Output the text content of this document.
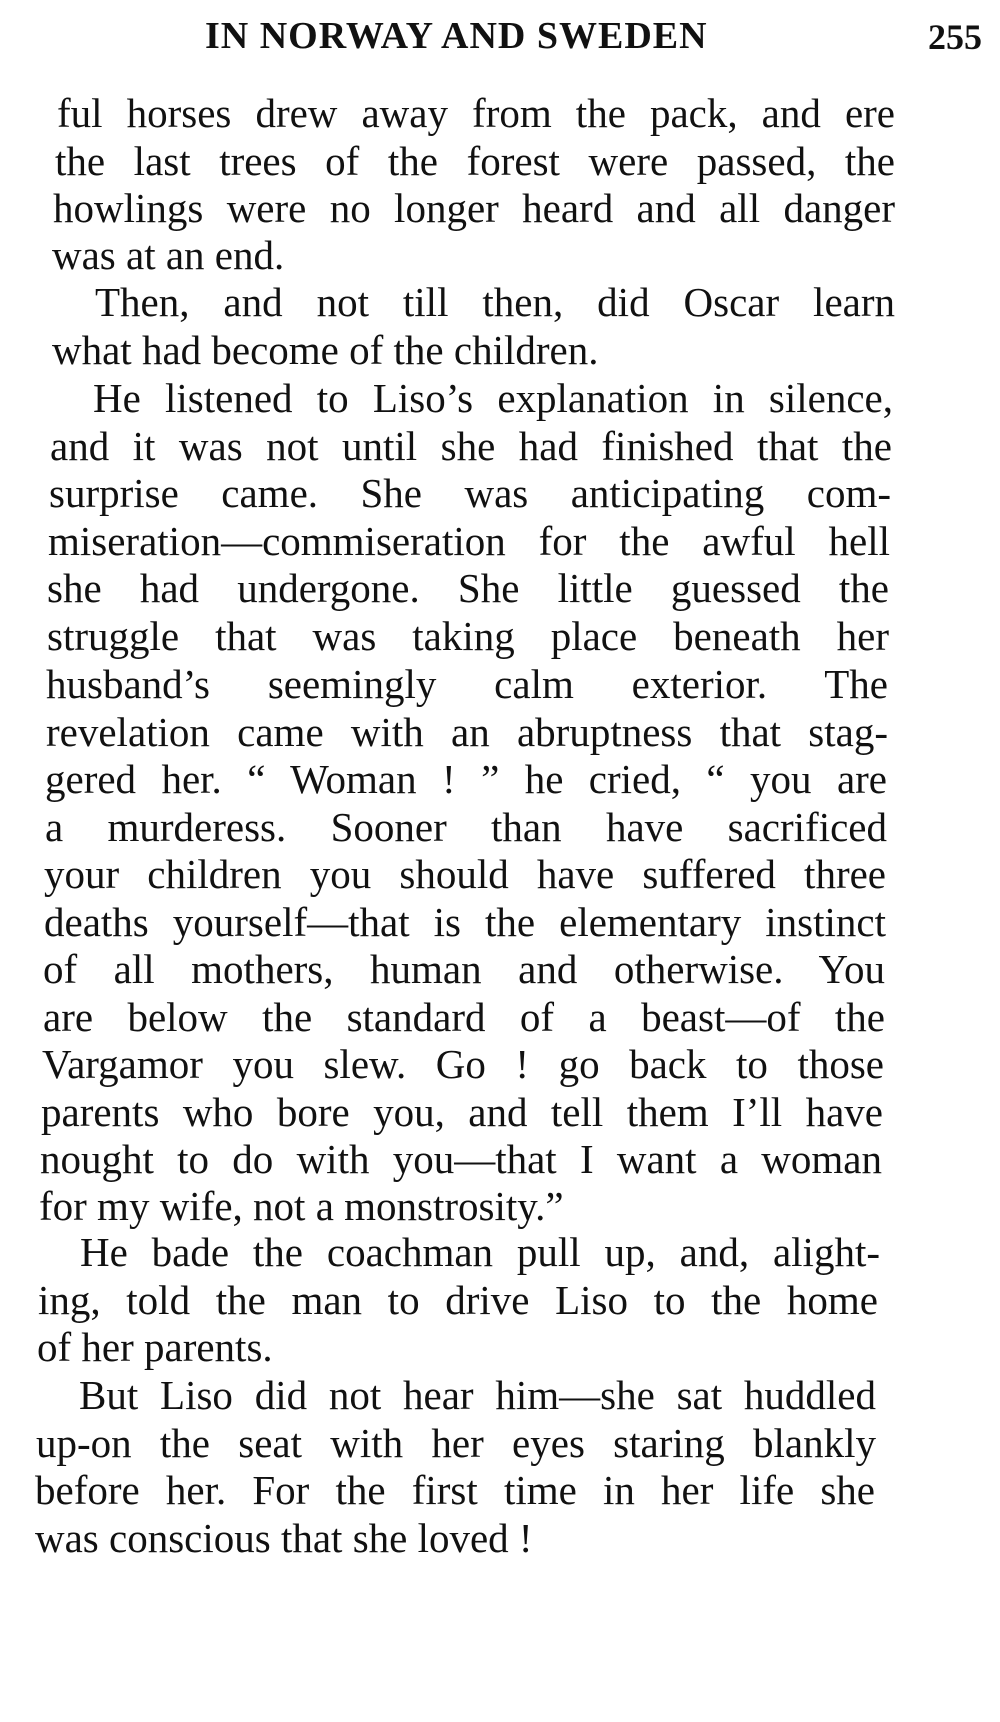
IN NORWAY AND SWEDEN	255
ful horses drew away from the pack, and ere
the last trees of the forest were passed, the
howlings were no longer heard and all danger
was at an end.
Then, and not till then, did Oscar learn
what had become of the children.
He listened to Liso’s explanation in silence,
and it was not until she had finished that the
surprise came. She was anticipating com-
miseration—commiseration for the awful hell
she had undergone. She little guessed the
struggle that was taking place beneath her
husband’s seemingly calm exterior. The
revelation came with an abruptness that stag-
gered her. “ Woman ! ” he cried, “ you are
a murderess. Sooner than have sacrificed
your children you should have suffered three
deaths yourself—that is the elementary instinct
of all mothers, human and otherwise. You
are below the standard of a beast—of the
Vargamor you slew. Go ! go back to those
parents who bore you, and tell them I’ll have
nought to do with you—that I want a woman
for my wife, not a monstrosity.”
He bade the coachman pull up, and, alight-
ing, told the man to drive Liso to the home
of her parents.
But Liso did not hear him—she sat huddled
up-on the seat with her eyes staring blankly
before her. For the first time in her life she
was conscious that she loved !
